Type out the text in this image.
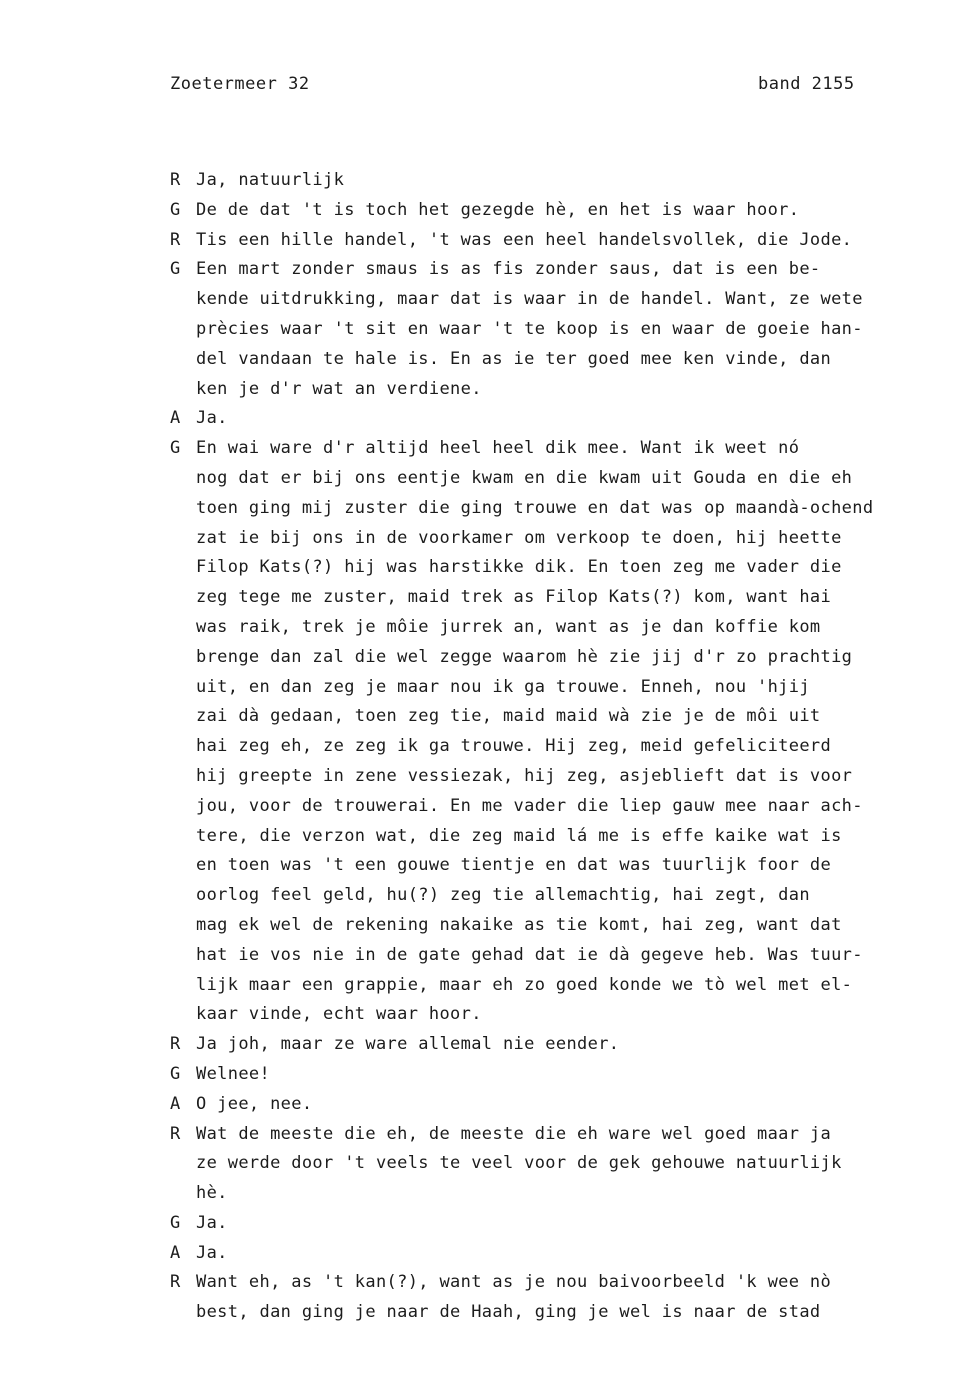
Zoetermeer 32	band 2155
R Ja, natuurlijk
G De de dat 't is toch het gezegde hè, en het is waar hoor.
R Tis een hille handel, 't was een heel handelsvollek, die Jode.
G Een mart zonder smaus is as fis zonder saus, dat is een be-
kende uitdrukking, maar dat is waar in de handel. Want, ze wete
prècies waar 't sit en waar 't te koop is en waar de goeie han-
del vandaan te hale is. En as ie ter goed mee ken vinde, dan
ken je d'r wat an verdiene.
A Ja.
G En wai ware d'r altijd heel heel dik mee. Want ik weet nó
nog dat er bij ons eentje kwam en die kwam uit Gouda en die eh
toen ging mij zuster die ging trouwe en dat was op maandà-ochend
zat ie bij ons in de voorkamer om verkoop te doen, hij heette
Filop Kats(?) hij was harstikke dik. En toen zeg me vader die
zeg tege me zuster, maid trek as Filop Kats(?) kom, want hai
was raik, trek je môie jurrek an, want as je dan koffie kom
brenge dan zal die wel zegge waarom hè zie jij d'r zo prachtig
uit, en dan zeg je maar nou ik ga trouwe. Enneh, nou 'hjij
zai dà gedaan, toen zeg tie, maid maid wà zie je de môi uit
hai zeg eh, ze zeg ik ga trouwe. Hij zeg, meid gefeliciteerd
hij greepte in zene vessiezak, hij zeg, asjeblieft dat is voor
jou, voor de trouwerai. En me vader die liep gauw mee naar ach-
tere, die verzon wat, die zeg maid lá me is effe kaike wat is
en toen was 't een gouwe tientje en dat was tuurlijk foor de
oorlog feel geld, hu(?) zeg tie allemachtig, hai zegt, dan
mag ek wel de rekening nakaike as tie komt, hai zeg, want dat
hat ie vos nie in de gate gehad dat ie dà gegeve heb. Was tuur-
lijk maar een grappie, maar eh zo goed konde we tò wel met el-
kaar vinde, echt waar hoor.
R Ja joh, maar ze ware allemal nie eender.
G Welnee!
A O jee, nee.
R Wat de meeste die eh, de meeste die eh ware wel goed maar ja
ze werde door 't veels te veel voor de gek gehouwe natuurlijk
hè.
G Ja.
A Ja.
R Want eh, as 't kan(?), want as je nou baivoorbeeld 'k wee nò
best, dan ging je naar de Haah, ging je wel is naar de stad
